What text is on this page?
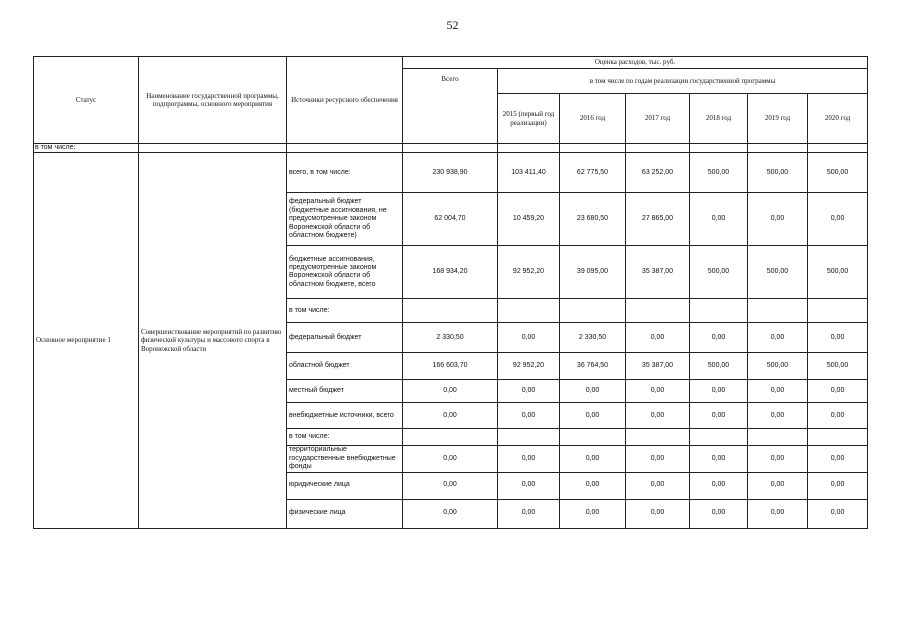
52
Статус	Наименование государственной программы, подпрограммы, основного мероприятия	Источники ресурсного обеспечения	Оценка расходов, тыс. руб.						
			Всего	в том числе по годам реализации государственной программы					
				2015 (первый год реализации)	2016 год	2017 год	2018 год	2019 год	2020 год
в том числе:									
Основное мероприятие 1	Совершенствование мероприятий по развитию физической культуры и массового спорта в Воронежской области	всего, в том числе:	230 938,90	103 411,40	62 775,50	63 252,00	500,00	500,00	500,00
		федеральный бюджет (бюджетные ассигнования, не предусмотренные законом Воронежской области об областном бюджете)	62 004,70	10 459,20	23 680,50	27 865,00	0,00	0,00	0,00
		бюджетные ассигнования, предусмотренные законом Воронежской области об областном бюджете, всего	168 934,20	92 952,20	39 095,00	35 387,00	500,00	500,00	500,00
		в том числе:							
		федеральный бюджет	2 330,50	0,00	2 330,50	0,00	0,00	0,00	0,00
		областной бюджет	166 603,70	92 952,20	36 764,50	35 387,00	500,00	500,00	500,00
		местный бюджет	0,00	0,00	0,00	0,00	0,00	0,00	0,00
		внебюджетные источники, всего	0,00	0,00	0,00	0,00	0,00	0,00	0,00
		в том числе:							
		территориальные государственные внебюджетные фонды	0,00	0,00	0,00	0,00	0,00	0,00	0,00
		юридические лица	0,00	0,00	0,00	0,00	0,00	0,00	0,00
		физические лица	0,00	0,00	0,00	0,00	0,00	0,00	0,00
